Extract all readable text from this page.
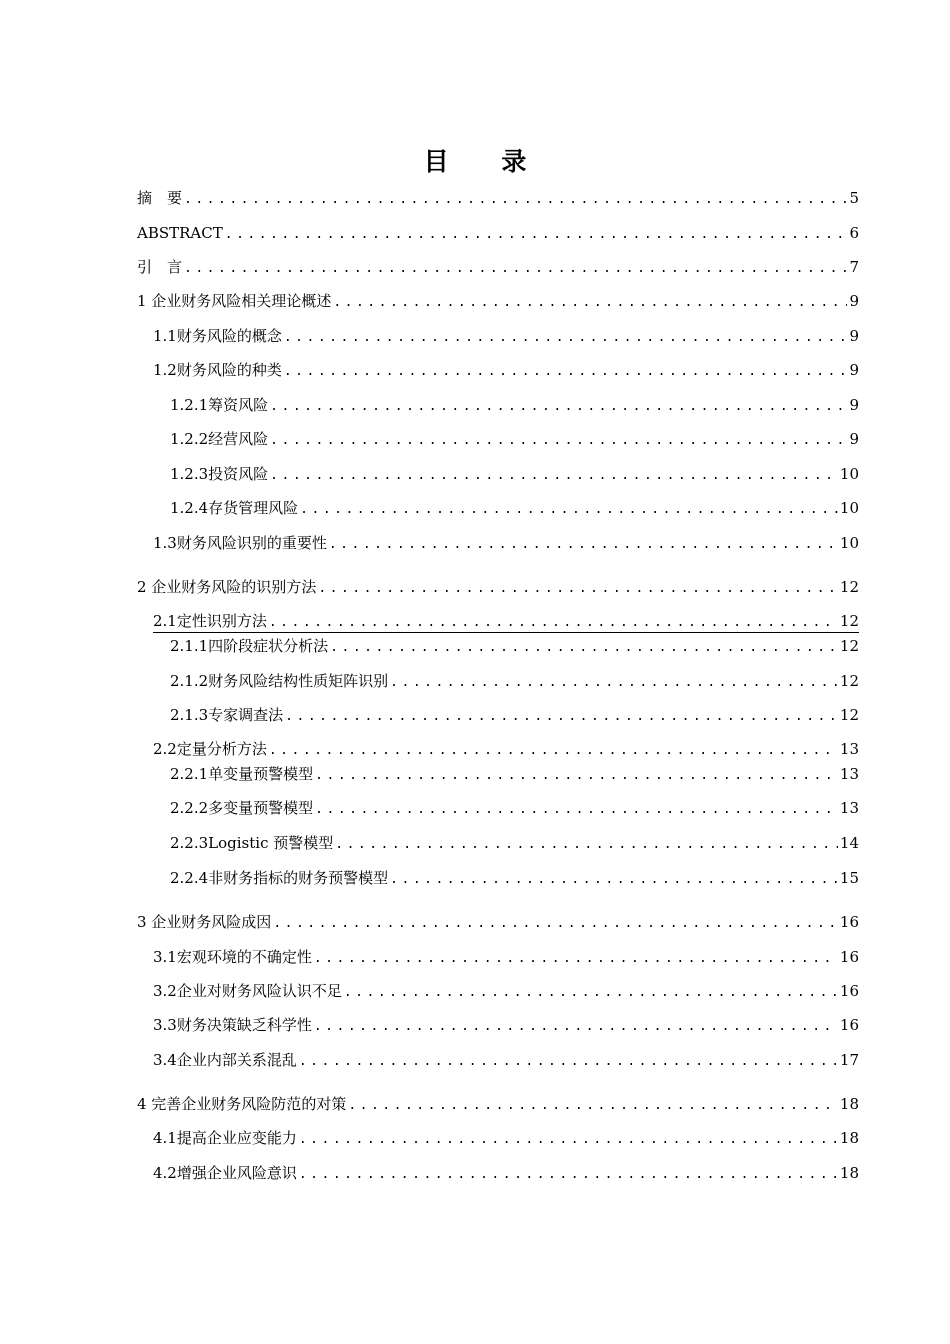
目 录
摘　要 .....	5
ABSTRACT .....	6
引　言 .....	7
1 企业财务风险相关理论概述 .....	9
1.1财务风险的概念 .....	9
1.2财务风险的种类 .....	9
1.2.1筹资风险 .....	9
1.2.2经营风险 .....	9
1.2.3投资风险 .....	10
1.2.4存货管理风险 .....	10
1.3财务风险识别的重要性 .....	10
2 企业财务风险的识别方法 .....	12
2.1定性识别方法 .....	12
2.1.1四阶段症状分析法 .....	12
2.1.2财务风险结构性质矩阵识别 .....	12
2.1.3专家调查法 .....	12
2.2定量分析方法 .....	13
2.2.1单变量预警模型 .....	13
2.2.2多变量预警模型 .....	13
2.2.3Logistic 预警模型 .....	14
2.2.4非财务指标的财务预警模型 .....	15
3 企业财务风险成因 .....	16
3.1宏观环境的不确定性 .....	16
3.2企业对财务风险认识不足 .....	16
3.3财务决策缺乏科学性 .....	16
3.4企业内部关系混乱 .....	17
4 完善企业财务风险防范的对策 .....	18
4.1提高企业应变能力 .....	18
4.2增强企业风险意识 .....	18
